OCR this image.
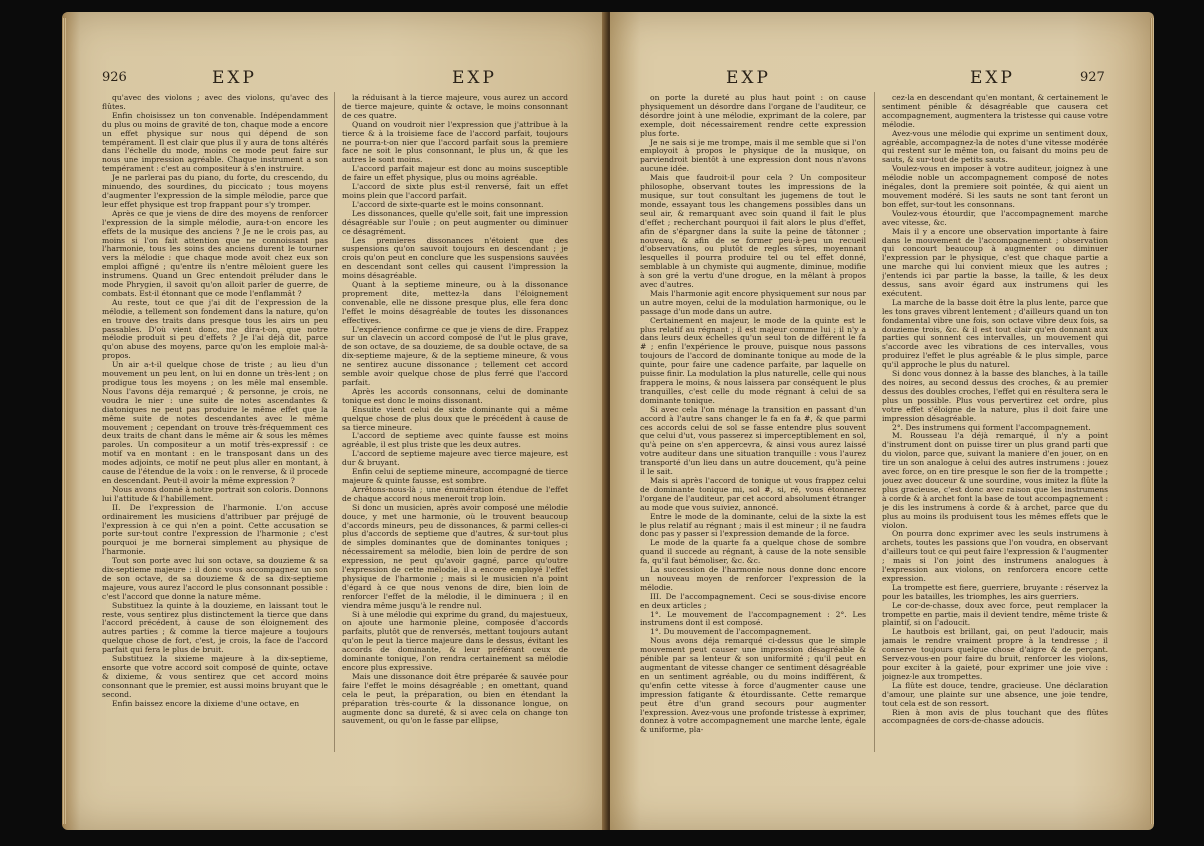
926	EXP	EXP

qu'avec des violons ; avec des violons, qu'avec des flûtes.

Enfin choisissez un ton convenable. Indépendamment du plus ou moins de gravité de ton, chaque mode a encore un effet physique sur nous qui dépend de son tempérament. Il est clair que plus il y aura de tons altérés dans l'échelle du mode, moins ce mode peut faire sur nous une impression agréable. Chaque instrument a son tempérament : c'est au compositeur à s'en instruire.

Je ne parlerai pas du piano, du forte, du crescendo, du minuendo, des sourdines, du piccicato ; tous moyens d'augmenter l'expression de la simple mélodie, parce que leur effet physique est trop frappant pour s'y tromper.

Après ce que je viens de dire des moyens de renforcer l'expression de la simple mélodie, aura-t-on encore les effets de la musique des anciens ? Je ne le crois pas, au moins si l'on fait attention que ne connoissant pas l'harmonie, tous les soins des anciens durent le tourner vers la mélodie : que chaque mode avoit chez eux son emploi affigné ; qu'entre ils n'entre mêloient guere les instrumens. Quand un Grec entendoit préluder dans le mode Phrygien, il savoit qu'on alloit parler de guerre, de combats. Est-il étonnant que ce mode l'enflammât ?

Au reste, tout ce que j'ai dit de l'expression de la mélodie, a tellement son fondement dans la nature, qu'on en trouve des traits dans presque tous les airs un peu passables. D'où vient donc, me dira-t-on, que notre mélodie produit si peu d'effets ? Je l'ai déjà dit, parce qu'on abuse des moyens, parce qu'on les emploie mal-à-propos.

Un air a-t-il quelque chose de triste ; au lieu d'un mouvement un peu lent, on lui en donne un très-lent ; on prodigue tous les moyens ; on les mêle mal ensemble. Nous l'avons déja remarqué ; & personne, je crois, ne voudra le nier : une suite de notes ascendantes & diatoniques ne peut pas produire le même effet que la même suite de notes descendantes avec le même mouvement ; cependant on trouve très-fréquemment ces deux traits de chant dans le même air & sous les mêmes paroles. Un compositeur a un motif très-expressif : ce motif va en montant : en le transposant dans un des modes adjoints, ce motif ne peut plus aller en montant, à cause de l'étendue de la voix : on le renverse, & il procede en descendant. Peut-il avoir la même expression ?

Nous avons donné à notre portrait son coloris. Donnons lui l'attitude & l'habillement.

II. De l'expression de l'harmonie. L'on accuse ordinairement les musiciens d'attribuer par préjugé de l'expression à ce qui n'en a point. Cette accusation se porte sur-tout contre l'expression de l'harmonie ; c'est pourquoi je me bornerai simplement au physique de l'harmonie.

Tout son porte avec lui son octave, sa douzieme & sa dix-septieme majeure : il donc vous accompagnez un son de son octave, de sa douzieme & de sa dix-septieme majeure, vous aurez l'accord le plus consonnant possible : c'est l'accord que donne la nature même.

Substituez la quinte à la douzieme, en laissant tout le reste, vous sentirez plus distinctement la tierce que dans l'accord précédent, à cause de son éloignement des autres parties ; & comme la tierce majeure a toujours quelque chose de fort, c'est, je crois, la face de l'accord parfait qui fera le plus de bruit.

Substituez la sixieme majeure à la dix-septieme, ensorte que votre accord soit composé de quinte, octave & dixieme, & vous sentirez que cet accord moins consonnant que le premier, est aussi moins bruyant que le second.

Enfin baissez encore la dixieme d'une octave, en

la réduisant à la tierce majeure, vous aurez un accord de tierce majeure, quinte & octave, le moins consonnant de ces quatre.

Quand on voudroit nier l'expression que j'attribue à la tierce & à la troisieme face de l'accord parfait, toujours ne pourra-t-on nier que l'accord parfait sous la premiere face ne soit le plus consonnant, le plus un, & que les autres le sont moins.

L'accord parfait majeur est donc au moins susceptible de faire un effet physique, plus ou moins agréable.

L'accord de sixte plus est-il renversé, fait un effet moins plein que l'accord parfait.

L'accord de sixte-quarte est le moins consonnant.

Les dissonances, quelle qu'elle soit, fait une impression désagréable sur l'ouïe ; on peut augmenter ou diminuer ce désagrément.

Les premieres dissonances n'étoient que des suspensions qu'on sauvoit toujours en descendant ; je crois qu'on peut en conclure que les suspensions sauvées en descendant sont celles qui causent l'impression la moins désagréable.

Quant à la septieme mineure, ou à la dissonance proprement dite, mettez-la dans l'éloignement convenable, elle ne dissone presque plus, elle fera donc l'effet le moins désagréable de toutes les dissonances effectives.

L'expérience confirme ce que je viens de dire. Frappez sur un clavecin un accord composé de l'ut le plus grave, de son octave, de sa douzieme, de sa double octave, de sa dix-septieme majeure, & de la septieme mineure, & vous ne sentirez aucune dissonance ; tellement cet accord semble avoir quelque chose de plus ferré que l'accord parfait.

Après les accords consonnans, celui de dominante tonique est donc le moins dissonant.

Ensuite vient celui de sixte dominante qui a même quelque chose de plus doux que le précédent à cause de sa tierce mineure.

L'accord de septieme avec quinte fausse est moins agréable, il est plus triste que les deux autres.

L'accord de septieme majeure avec tierce majeure, est dur & bruyant.

Enfin celui de septieme mineure, accompagné de tierce majeure & quinte fausse, est sombre.

Arrêtons-nous-là ; une énumération étendue de l'effet de chaque accord nous meneroit trop loin.

Si donc un musicien, après avoir composé une mélodie douce, y met une harmonie, où le trouvent beaucoup d'accords mineurs, peu de dissonances, & parmi celles-ci plus d'accords de septieme que d'autres, & sur-tout plus de simples dominantes que de dominantes toniques ; nécessairement sa mélodie, bien loin de perdre de son expression, ne peut qu'avoir gagné, parce qu'outre l'expression de cette mélodie, il a encore employé l'effet physique de l'harmonie ; mais si le musicien n'a point d'égard à ce que nous venons de dire, bien loin de renforcer l'effet de la mélodie, il le diminuera ; il en viendra même jusqu'à le rendre nul.

Si à une mélodie qui exprime du grand, du majestueux, on ajoute une harmonie pleine, composée d'accords parfaits, plutôt que de renversés, mettant toujours autant qu'on le peut la tierce majeure dans le dessus, évitant les accords de dominante, & leur préférant ceux de dominante tonique, l'on rendra certainement sa mélodie encore plus expressive.

Mais une dissonance doit être préparée & sauvée pour faire l'effet le moins désagréable ; en omettant, quand cela le peut, la préparation, ou bien en étendant la préparation très-courte & la dissonance longue, on augmente donc sa dureté, & si avec cela on change ton sauvement, ou qu'on le fasse par ellipse,

EXP	EXP	927

on porte la dureté au plus haut point : on cause physiquement un désordre dans l'organe de l'auditeur, ce désordre joint à une mélodie, exprimant de la colere, par exemple, doit nécessairement rendre cette expression plus forte.

Je ne sais si je me trompe, mais il me semble que si l'on employoit à propos le physique de la musique, on parviendroit bientôt à une expression dont nous n'avons aucune idée.

Mais que faudroit-il pour cela ? Un compositeur philosophe, observant toutes les impressions de la musique, sur tout consultant les jugemens de tout le monde, essayant tous les changemens possibles dans un seul air, & remarquant avec soin quand il fait le plus d'effet ; recherchant pourquoi il fait alors le plus d'effet, afin de s'épargner dans la suite la peine de tâtonner ; nouveau, & afin de se former peu-à-peu un recueil d'observations, ou plutôt de regles sûres, moyennant lesquelles il pourra produire tel ou tel effet donné, semblable à un chymiste qui augmente, diminue, modifie à son gré la vertu d'une drogue, en la mêlant à propos avec d'autres.

Mais l'harmonie agit encore physiquement sur nous par un autre moyen, celui de la modulation harmonique, ou le passage d'un mode dans un autre.

Certainement en majeur, le mode de la quinte est le plus relatif au régnant ; il est majeur comme lui ; il n'y a dans leurs deux échelles qu'un seul ton de différent le fa # ; enfin l'expérience le prouve, puisque nous passons toujours de l'accord de dominante tonique au mode de la quinte, pour faire une cadence parfaite, par laquelle on puisse finir. La modulation la plus naturelle, celle qui nous frappera le moins, & nous laissera par conséquent le plus tranquilles, c'est celle du mode régnant à celui de sa dominante tonique.

Si avec cela l'on ménage la transition en passant d'un accord à l'autre sans changer le fa en fa #, & que parmi ces accords celui de sol se fasse entendre plus souvent que celui d'ut, vous passerez si imperceptiblement en sol, qu'à peine on s'en appercevra, & ainsi vous aurez laissé votre auditeur dans une situation tranquille : vous l'aurez transporté d'un lieu dans un autre doucement, qu'à peine il le sait.

Mais si après l'accord de tonique ut vous frappez celui de dominante tonique mi, sol #, si, ré, vous étonnerez l'organe de l'auditeur, par cet accord absolument étranger au mode que vous suiviez, annoncé.

Entre le mode de la dominante, celui de la sixte la est le plus relatif au régnant ; mais il est mineur ; il ne faudra donc pas y passer si l'expression demande de la force.

Le mode de la quarte fa a quelque chose de sombre quand il succede au régnant, à cause de la note sensible fa, qu'il faut bémoliser, &c. &c.

La succession de l'harmonie nous donne donc encore un nouveau moyen de renforcer l'expression de la mélodie.

III. De l'accompagnement. Ceci se sous-divise encore en deux articles ;

1°. Le mouvement de l'accompagnement : 2°. Les instrumens dont il est composé.

1°. Du mouvement de l'accompagnement.

Nous avons déja remarqué ci-dessus que le simple mouvement peut causer une impression désagréable & pénible par sa lenteur & son uniformité ; qu'il peut en augmentant de vitesse changer ce sentiment désagréable en un sentiment agréable, ou du moins indifférent, & qu'enfin cette vitesse à force d'augmenter cause une impression fatigante & étourdissante. Cette remarque peut être d'un grand secours pour augmenter l'expression. Avez-vous une profonde tristesse à exprimer, donnez à votre accompagnement une marche lente, égale & uniforme, pla-

cez-la en descendant qu'en montant, & certainement le sentiment pénible & désagréable que causera cet accompagnement, augmentera la tristesse qui cause votre mélodie.

Avez-vous une mélodie qui exprime un sentiment doux, agréable, accompagnez-la de notes d'une vitesse modérée qui restent sur le même ton, ou faisant du moins peu de sauts, & sur-tout de petits sauts.

Voulez-vous en imposer à votre auditeur, joignez à une mélodie noble un accompagnement composé de notes inégales, dont la premiere soit pointée, & qui aient un mouvement modéré. Si les sauts ne sont tant feront un bon effet, sur-tout les consonnans.

Voulez-vous étourdir, que l'accompagnement marche avec vitesse, &c.

Mais il y a encore une observation importante à faire dans le mouvement de l'accompagnement ; observation qui concourt beaucoup à augmenter ou diminuer l'expression par le physique, c'est que chaque partie a une marche qui lui convient mieux que les autres ; j'entends ici par partie la basse, la taille, & les deux dessus, sans avoir égard aux instrumens qui les exécutent.

La marche de la basse doit être la plus lente, parce que les tons graves vibrent lentement ; d'ailleurs quand un ton fondamental vibre une fois, son octave vibre deux fois, sa douzieme trois, &c. & il est tout clair qu'en donnant aux parties qui sonnent ces intervalles, un mouvement qui s'accorde avec les vibrations de ces intervalles, vous produirez l'effet le plus agréable & le plus simple, parce qu'il approche le plus du naturel.

Si donc vous donnez à la basse des blanches, à la taille des noires, au second dessus des croches, & au premier dessus des doubles croches, l'effet qui en résultera sera le plus un possible. Plus vous pervertirez cet ordre, plus votre effet s'éloigne de la nature, plus il doit faire une impression désagréable.

2°. Des instrumens qui forment l'accompagnement.

M. Rousseau l'a déjà remarqué, il n'y a point d'instrument dont on puisse tirer un plus grand parti que du violon, parce que, suivant la maniere d'en jouer, on en tire un son analogue à celui des autres instrumens : jouez avec force, on en tire presque le son fier de la trompette ; jouez avec douceur & une sourdine, vous imitez la flûte la plus gracieuse, c'est donc avec raison que les instrumens à corde & à archet font la base de tout accompagnement : je dis les instrumens à corde & à archet, parce que du plus au moins ils produisent tous les mêmes effets que le violon.

On pourra donc exprimer avec les seuls instrumens à archets, toutes les passions que l'on voudra, en observant d'ailleurs tout ce qui peut faire l'expression & l'augmenter ; mais si l'on joint des instrumens analogues à l'expression aux violons, on renforcera encore cette expression.

La trompette est fiere, guerriere, bruyante : réservez la pour les batailles, les triomphes, les airs guerriers.

Le cor-de-chasse, doux avec force, peut remplacer la trompette en partie, mais il devient tendre, même triste & plaintif, si on l'adoucit.

Le hautbois est brillant, gai, on peut l'adoucir, mais jamais le rendre vraiment propre à la tendresse ; il conserve toujours quelque chose d'aigre & de perçant. Servez-vous-en pour faire du bruit, renforcer les violons, pour exciter à la gaieté, pour exprimer une joie vive : joignez-le aux trompettes.

La flûte est douce, tendre, gracieuse. Une déclaration d'amour, une plainte sur une absence, une joie tendre, tout cela est de son ressort.

Rien à mon avis de plus touchant que des flûtes accompagnées de cors-de-chasse adoucis.
